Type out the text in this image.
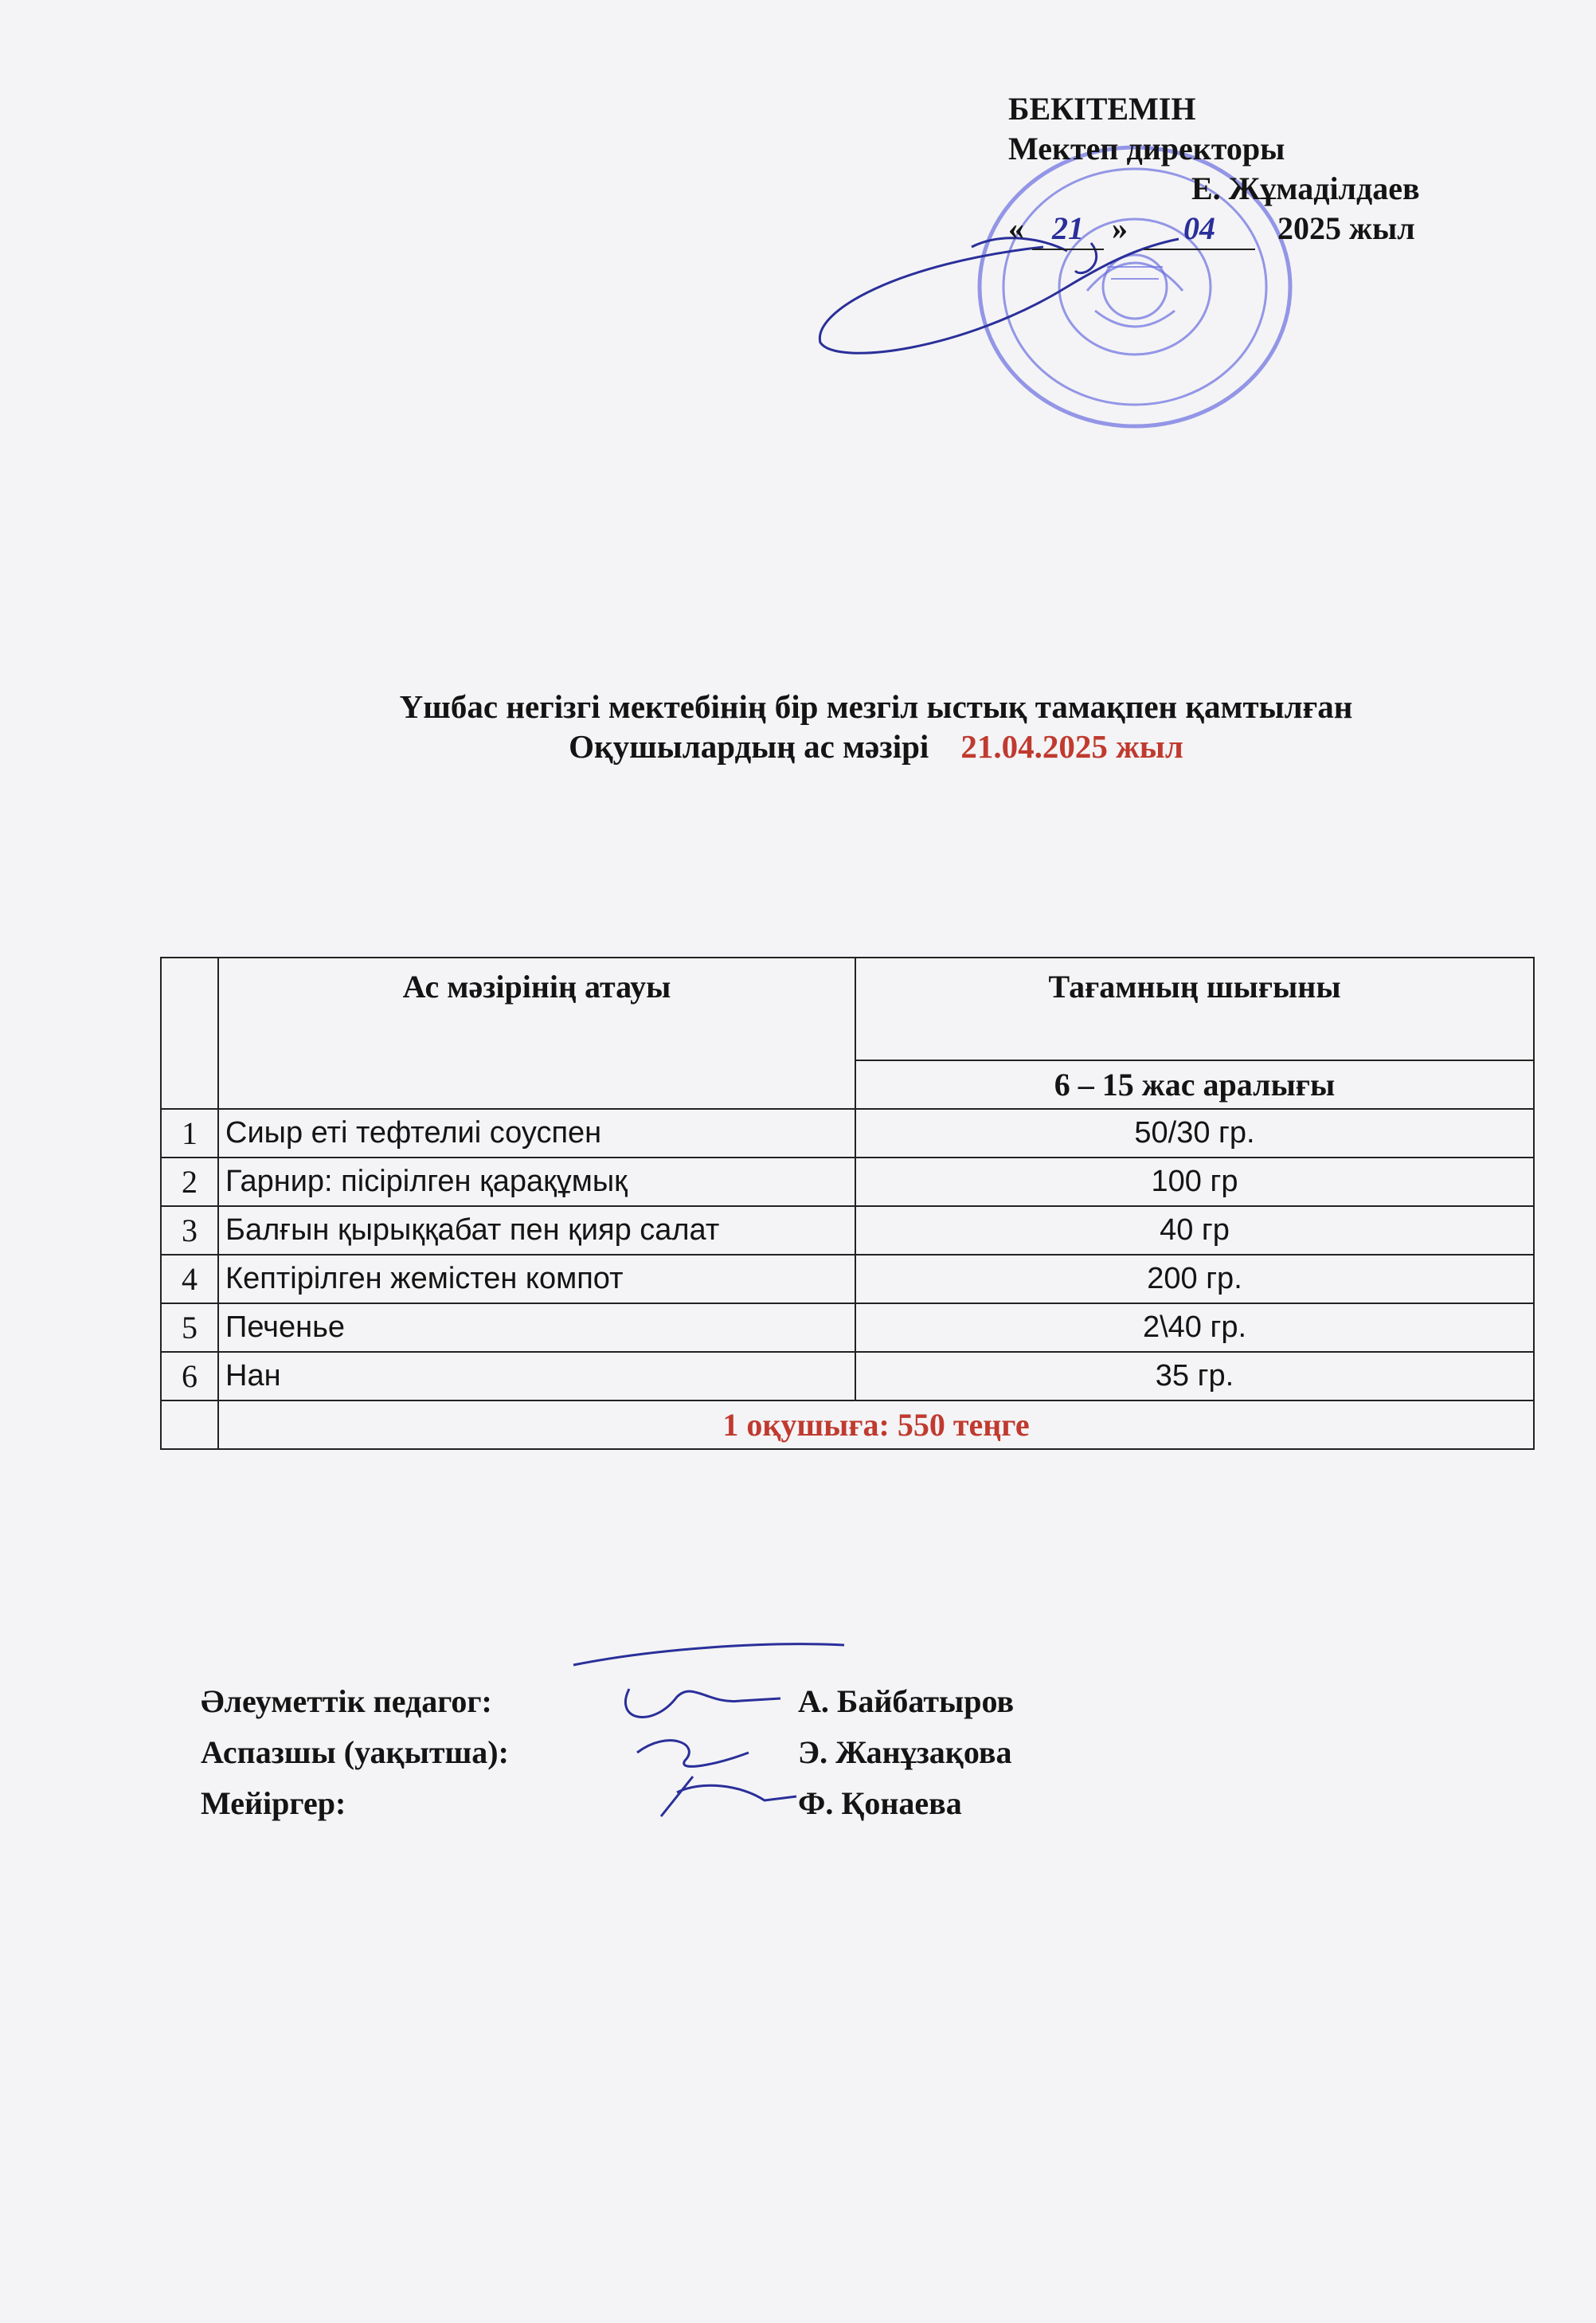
БЕКІТЕМІН
Мектеп директоры
Е. Жұмаділдаев
« 21 » 04 2025 жыл
Үшбас негізгі мектебінің бір мезгіл ыстық тамақпен қамтылған
Оқушылардың ас мәзірі 21.04.2025 жыл
	Ас мәзірінің атауы	Тағамның шығыны
		6 – 15 жас аралығы
1	Сиыр еті тефтелиі соуспен	50/30 гр.
2	Гарнир: пісірілген қарақұмық	100 гр
3	Балғын қырыққабат пен қияр салат	40 гр
4	Кептірілген жемістен компот	200 гр.
5	Печенье	2\40 гр.
6	Нан	35 гр.
	1 оқушыға: 550 теңге	
Әлеуметтік педагог:	А. Байбатыров
Аспазшы (уақытша):	Э. Жанұзақова
Мейіргер:	Ф. Қонаева
